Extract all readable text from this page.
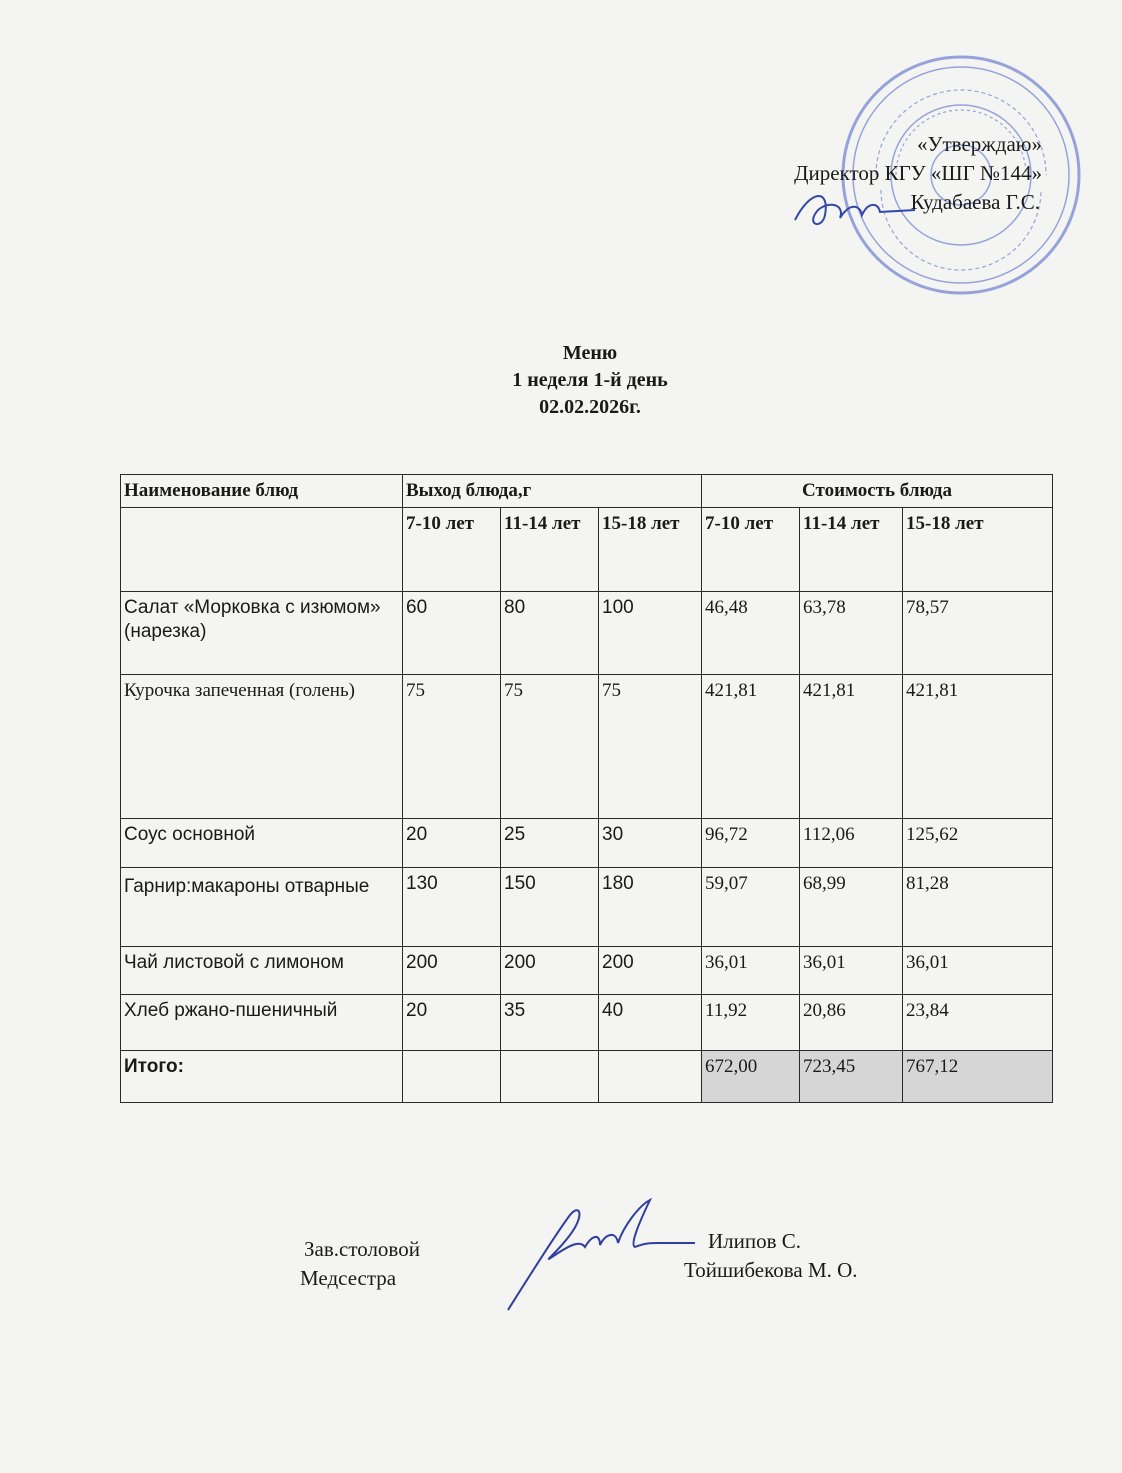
«Утверждаю»
Директор КГУ «ШГ №144»
Кудабаева Г.С.
Меню
1 неделя 1-й день
02.02.2026г.
Наименование блюд	Выход блюда,г			Стоимость блюда		
	7-10 лет	11-14 лет	15-18 лет	7-10 лет	11-14 лет	15-18 лет
Салат «Морковка с изюмом» (нарезка)	60	80	100	46,48	63,78	78,57
Курочка запеченная (голень)	75	75	75	421,81	421,81	421,81
Соус основной	20	25	30	96,72	112,06	125,62
Гарнир:макароны отварные	130	150	180	59,07	68,99	81,28
Чай листовой с лимоном	200	200	200	36,01	36,01	36,01
Хлеб ржано-пшеничный	20	35	40	11,92	20,86	23,84
Итого:				672,00	723,45	767,12
Зав.столовой
Медсестра
Илипов С.
Тойшибекова М. О.
